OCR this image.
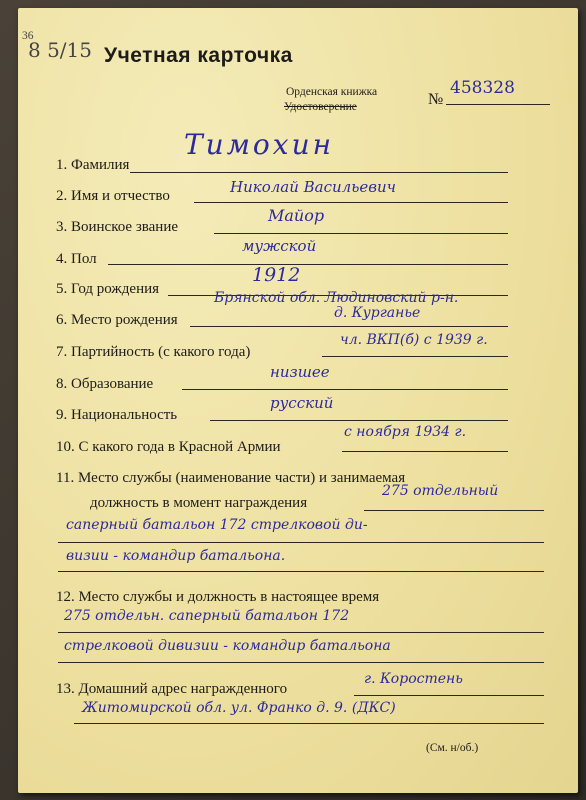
36
8 5/15 Учетная карточка
Орденская книжка
Удостоверение	№
458328
1. Фамилия
Тимохин
2. Имя и отчество	Николай Васильевич
3. Воинское звание
Майор
4. Пол
мужской
5. Год рождения
1912
6. Место рождения
Брянской обл. Людиновский р-н.
д. Курганье
7. Партийность (с какого года)
чл. ВКП(б) с 1939 г.
8. Образование
низшее
9. Национальность
русский
10. С какого года в Красной Армии
с ноября 1934 г.
11. Место службы (наименование части) и занимаемая
должность в момент награждения
275 отдельный
саперный батальон 172 стрелковой ди-
визии - командир батальона.
12. Место службы и должность в настоящее время
275 отдельн. саперный батальон 172
стрелковой дивизии - командир батальона
13. Домашний адрес награжденного
г. Коростень
Житомирской обл. ул. Франко д. 9. (ДКС)
(См. н/об.)
